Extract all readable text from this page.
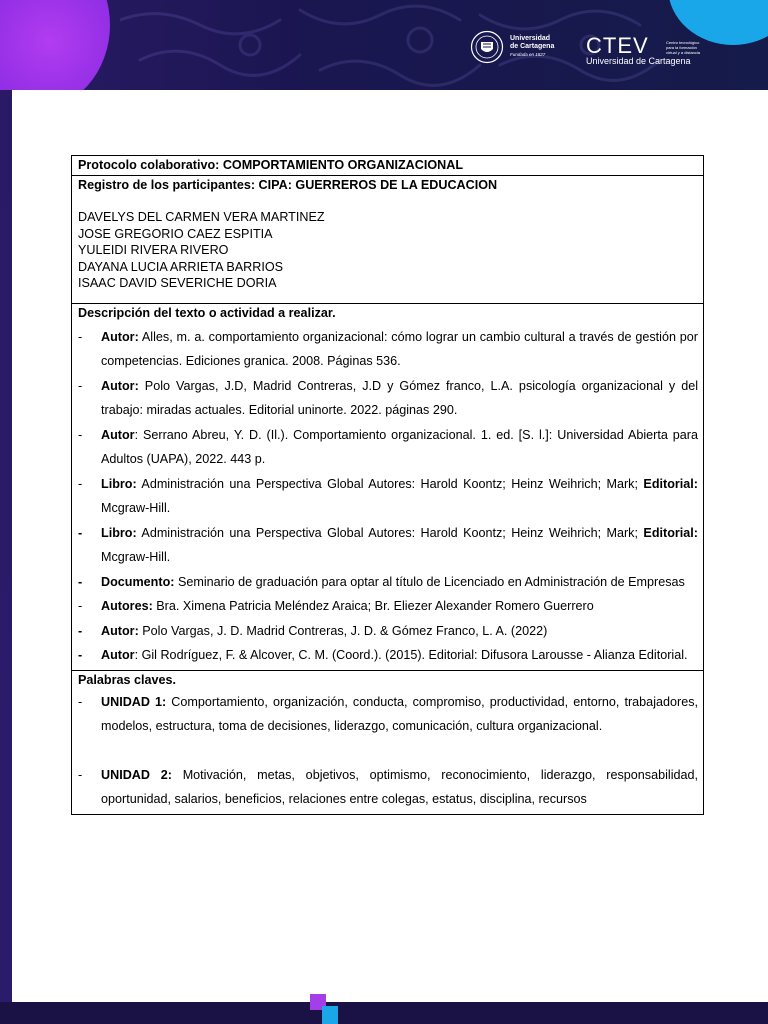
Universidad
de Cartagena
Fundada en 1827	CTEV
Universidad de Cartagena
Centro tecnológico para la formación virtual y a distancia
Protocolo colaborativo: COMPORTAMIENTO ORGANIZACIONAL

Registro de los participantes: CIPA: GUERREROS DE LA EDUCACION
DAVELYS DEL CARMEN VERA MARTINEZ
JOSE GREGORIO CAEZ ESPITIA
YULEIDI RIVERA RIVERO
DAYANA LUCIA ARRIETA BARRIOS
ISAAC DAVID SEVERICHE DORIA

Descripción del texto o actividad a realizar.
- Autor: Alles, m. a. comportamiento organizacional: cómo lograr un cambio cultural a través de gestión por competencias. Ediciones granica. 2008. Páginas 536.
- Autor: Polo Vargas, J.D, Madrid Contreras, J.D y Gómez franco, L.A. psicología organizacional y del trabajo: miradas actuales. Editorial uninorte. 2022. páginas 290.
- Autor: Serrano Abreu, Y. D. (Il.). Comportamiento organizacional. 1. ed. [S. l.]: Universidad Abierta para Adultos (UAPA), 2022. 443 p.
- Libro: Administración una Perspectiva Global Autores: Harold Koontz; Heinz Weihrich; Mark; Editorial: Mcgraw-Hill.
- Libro: Administración una Perspectiva Global Autores: Harold Koontz; Heinz Weihrich; Mark; Editorial: Mcgraw-Hill.
- Documento: Seminario de graduación para optar al título de Licenciado en Administración de Empresas
- Autores: Bra. Ximena Patricia Meléndez Araica; Br. Eliezer Alexander Romero Guerrero
- Autor: Polo Vargas, J. D. Madrid Contreras, J. D. & Gómez Franco, L. A. (2022)
- Autor: Gil Rodríguez, F. & Alcover, C. M. (Coord.). (2015). Editorial: Difusora Larousse - Alianza Editorial.

Palabras claves.
- UNIDAD 1: Comportamiento, organización, conducta, compromiso, productividad, entorno, trabajadores, modelos, estructura, toma de decisiones, liderazgo, comunicación, cultura organizacional.
- UNIDAD 2: Motivación, metas, objetivos, optimismo, reconocimiento, liderazgo, responsabilidad, oportunidad, salarios, beneficios, relaciones entre colegas, estatus, disciplina, recursos
